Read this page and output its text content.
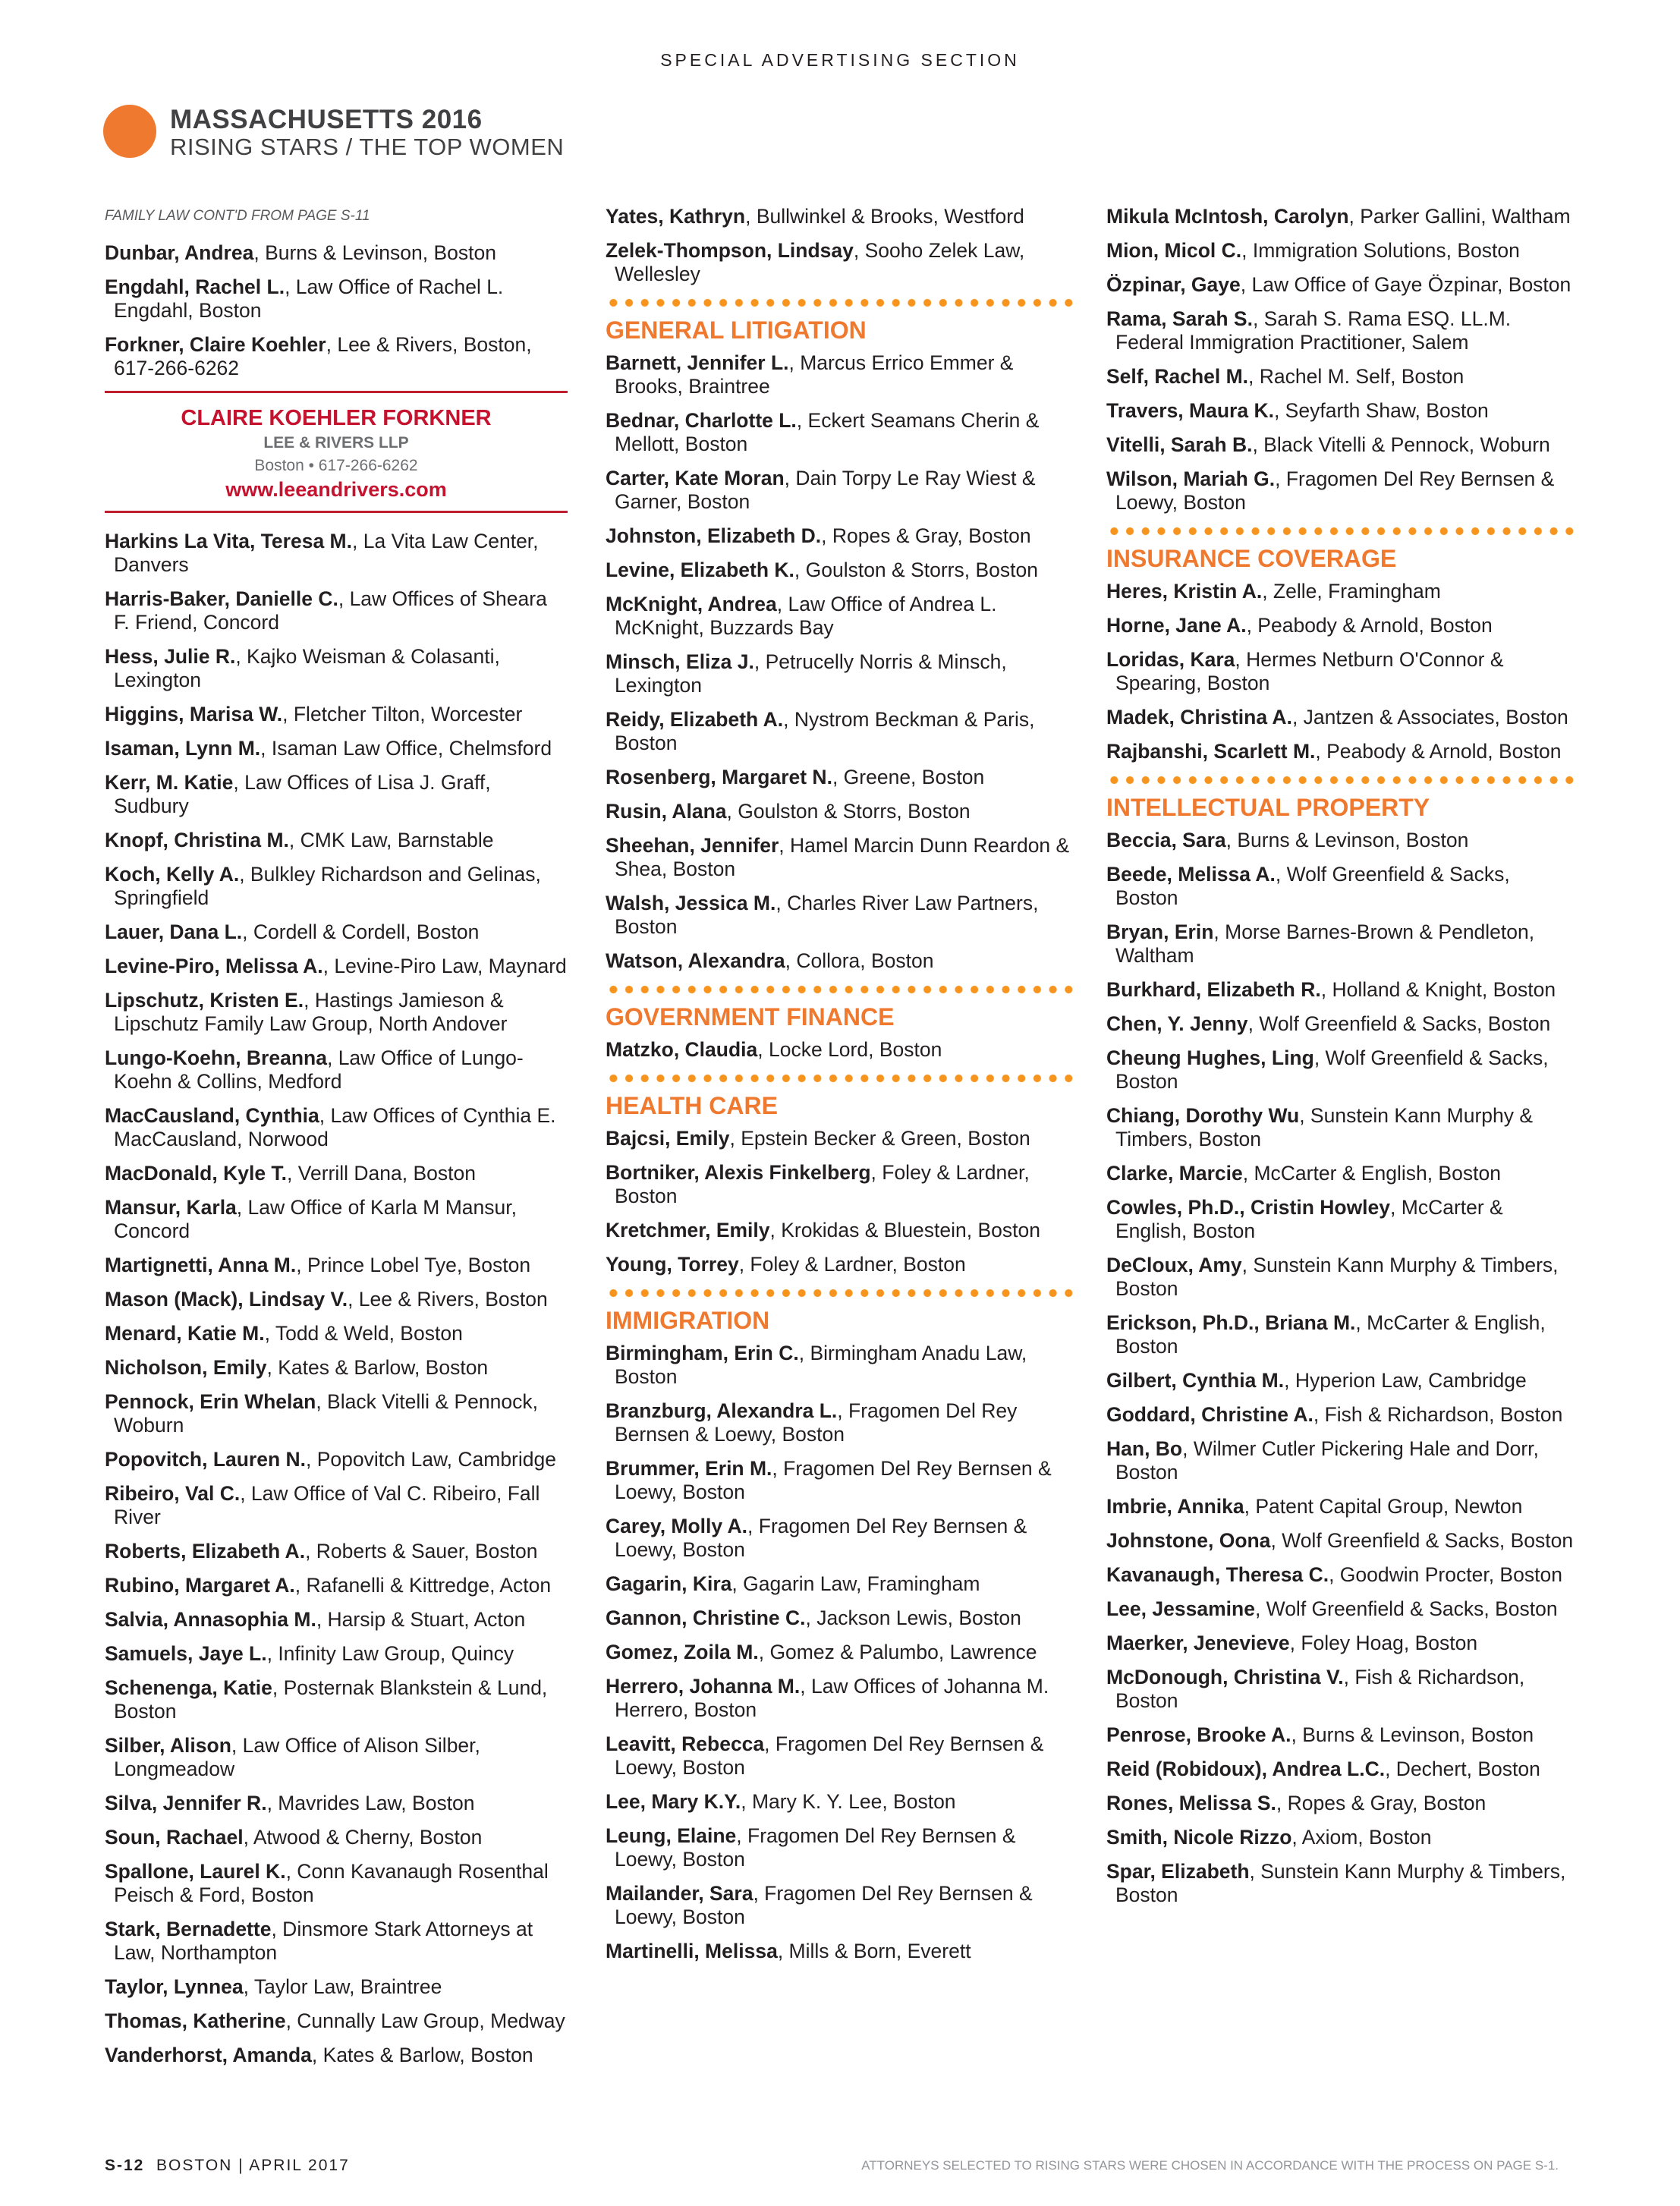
SPECIAL ADVERTISING SECTION
MASSACHUSETTS 2016
RISING STARS / THE TOP WOMEN
FAMILY LAW CONT'D FROM PAGE S-11
Dunbar, Andrea, Burns & Levinson, Boston
Engdahl, Rachel L., Law Office of Rachel L. Engdahl, Boston
Forkner, Claire Koehler, Lee & Rivers, Boston, 617-266-6262
CLAIRE KOEHLER FORKNER
LEE & RIVERS LLP
Boston • 617-266-6262
www.leeandrivers.com
Harkins La Vita, Teresa M., La Vita Law Center, Danvers
Harris-Baker, Danielle C., Law Offices of Sheara F. Friend, Concord
Hess, Julie R., Kajko Weisman & Colasanti, Lexington
Higgins, Marisa W., Fletcher Tilton, Worcester
Isaman, Lynn M., Isaman Law Office, Chelmsford
Kerr, M. Katie, Law Offices of Lisa J. Graff, Sudbury
Knopf, Christina M., CMK Law, Barnstable
Koch, Kelly A., Bulkley Richardson and Gelinas, Springfield
Lauer, Dana L., Cordell & Cordell, Boston
Levine-Piro, Melissa A., Levine-Piro Law, Maynard
Lipschutz, Kristen E., Hastings Jamieson & Lipschutz Family Law Group, North Andover
Lungo-Koehn, Breanna, Law Office of Lungo-Koehn & Collins, Medford
MacCausland, Cynthia, Law Offices of Cynthia E. MacCausland, Norwood
MacDonald, Kyle T., Verrill Dana, Boston
Mansur, Karla, Law Office of Karla M Mansur, Concord
Martignetti, Anna M., Prince Lobel Tye, Boston
Mason (Mack), Lindsay V., Lee & Rivers, Boston
Menard, Katie M., Todd & Weld, Boston
Nicholson, Emily, Kates & Barlow, Boston
Pennock, Erin Whelan, Black Vitelli & Pennock, Woburn
Popovitch, Lauren N., Popovitch Law, Cambridge
Ribeiro, Val C., Law Office of Val C. Ribeiro, Fall River
Roberts, Elizabeth A., Roberts & Sauer, Boston
Rubino, Margaret A., Rafanelli & Kittredge, Acton
Salvia, Annasophia M., Harsip & Stuart, Acton
Samuels, Jaye L., Infinity Law Group, Quincy
Schenenga, Katie, Posternak Blankstein & Lund, Boston
Silber, Alison, Law Office of Alison Silber, Longmeadow
Silva, Jennifer R., Mavrides Law, Boston
Soun, Rachael, Atwood & Cherny, Boston
Spallone, Laurel K., Conn Kavanaugh Rosenthal Peisch & Ford, Boston
Stark, Bernadette, Dinsmore Stark Attorneys at Law, Northampton
Taylor, Lynnea, Taylor Law, Braintree
Thomas, Katherine, Cunnally Law Group, Medway
Vanderhorst, Amanda, Kates & Barlow, Boston
Yates, Kathryn, Bullwinkel & Brooks, Westford
Zelek-Thompson, Lindsay, Sooho Zelek Law, Wellesley
GENERAL LITIGATION
Barnett, Jennifer L., Marcus Errico Emmer & Brooks, Braintree
Bednar, Charlotte L., Eckert Seamans Cherin & Mellott, Boston
Carter, Kate Moran, Dain Torpy Le Ray Wiest & Garner, Boston
Johnston, Elizabeth D., Ropes & Gray, Boston
Levine, Elizabeth K., Goulston & Storrs, Boston
McKnight, Andrea, Law Office of Andrea L. McKnight, Buzzards Bay
Minsch, Eliza J., Petrucelly Norris & Minsch, Lexington
Reidy, Elizabeth A., Nystrom Beckman & Paris, Boston
Rosenberg, Margaret N., Greene, Boston
Rusin, Alana, Goulston & Storrs, Boston
Sheehan, Jennifer, Hamel Marcin Dunn Reardon & Shea, Boston
Walsh, Jessica M., Charles River Law Partners, Boston
Watson, Alexandra, Collora, Boston
GOVERNMENT FINANCE
Matzko, Claudia, Locke Lord, Boston
HEALTH CARE
Bajcsi, Emily, Epstein Becker & Green, Boston
Bortniker, Alexis Finkelberg, Foley & Lardner, Boston
Kretchmer, Emily, Krokidas & Bluestein, Boston
Young, Torrey, Foley & Lardner, Boston
IMMIGRATION
Birmingham, Erin C., Birmingham Anadu Law, Boston
Branzburg, Alexandra L., Fragomen Del Rey Bernsen & Loewy, Boston
Brummer, Erin M., Fragomen Del Rey Bernsen & Loewy, Boston
Carey, Molly A., Fragomen Del Rey Bernsen & Loewy, Boston
Gagarin, Kira, Gagarin Law, Framingham
Gannon, Christine C., Jackson Lewis, Boston
Gomez, Zoila M., Gomez & Palumbo, Lawrence
Herrero, Johanna M., Law Offices of Johanna M. Herrero, Boston
Leavitt, Rebecca, Fragomen Del Rey Bernsen & Loewy, Boston
Lee, Mary K.Y., Mary K. Y. Lee, Boston
Leung, Elaine, Fragomen Del Rey Bernsen & Loewy, Boston
Mailander, Sara, Fragomen Del Rey Bernsen & Loewy, Boston
Martinelli, Melissa, Mills & Born, Everett
Mikula McIntosh, Carolyn, Parker Gallini, Waltham
Mion, Micol C., Immigration Solutions, Boston
Özpinar, Gaye, Law Office of Gaye Özpinar, Boston
Rama, Sarah S., Sarah S. Rama ESQ. LL.M. Federal Immigration Practitioner, Salem
Self, Rachel M., Rachel M. Self, Boston
Travers, Maura K., Seyfarth Shaw, Boston
Vitelli, Sarah B., Black Vitelli & Pennock, Woburn
Wilson, Mariah G., Fragomen Del Rey Bernsen & Loewy, Boston
INSURANCE COVERAGE
Heres, Kristin A., Zelle, Framingham
Horne, Jane A., Peabody & Arnold, Boston
Loridas, Kara, Hermes Netburn O'Connor & Spearing, Boston
Madek, Christina A., Jantzen & Associates, Boston
Rajbanshi, Scarlett M., Peabody & Arnold, Boston
INTELLECTUAL PROPERTY
Beccia, Sara, Burns & Levinson, Boston
Beede, Melissa A., Wolf Greenfield & Sacks, Boston
Bryan, Erin, Morse Barnes-Brown & Pendleton, Waltham
Burkhard, Elizabeth R., Holland & Knight, Boston
Chen, Y. Jenny, Wolf Greenfield & Sacks, Boston
Cheung Hughes, Ling, Wolf Greenfield & Sacks, Boston
Chiang, Dorothy Wu, Sunstein Kann Murphy & Timbers, Boston
Clarke, Marcie, McCarter & English, Boston
Cowles, Ph.D., Cristin Howley, McCarter & English, Boston
DeCloux, Amy, Sunstein Kann Murphy & Timbers, Boston
Erickson, Ph.D., Briana M., McCarter & English, Boston
Gilbert, Cynthia M., Hyperion Law, Cambridge
Goddard, Christine A., Fish & Richardson, Boston
Han, Bo, Wilmer Cutler Pickering Hale and Dorr, Boston
Imbrie, Annika, Patent Capital Group, Newton
Johnstone, Oona, Wolf Greenfield & Sacks, Boston
Kavanaugh, Theresa C., Goodwin Procter, Boston
Lee, Jessamine, Wolf Greenfield & Sacks, Boston
Maerker, Jenevieve, Foley Hoag, Boston
McDonough, Christina V., Fish & Richardson, Boston
Penrose, Brooke A., Burns & Levinson, Boston
Reid (Robidoux), Andrea L.C., Dechert, Boston
Rones, Melissa S., Ropes & Gray, Boston
Smith, Nicole Rizzo, Axiom, Boston
Spar, Elizabeth, Sunstein Kann Murphy & Timbers, Boston
S-12 BOSTON | APRIL 2017	ATTORNEYS SELECTED TO RISING STARS WERE CHOSEN IN ACCORDANCE WITH THE PROCESS ON PAGE S-1.
